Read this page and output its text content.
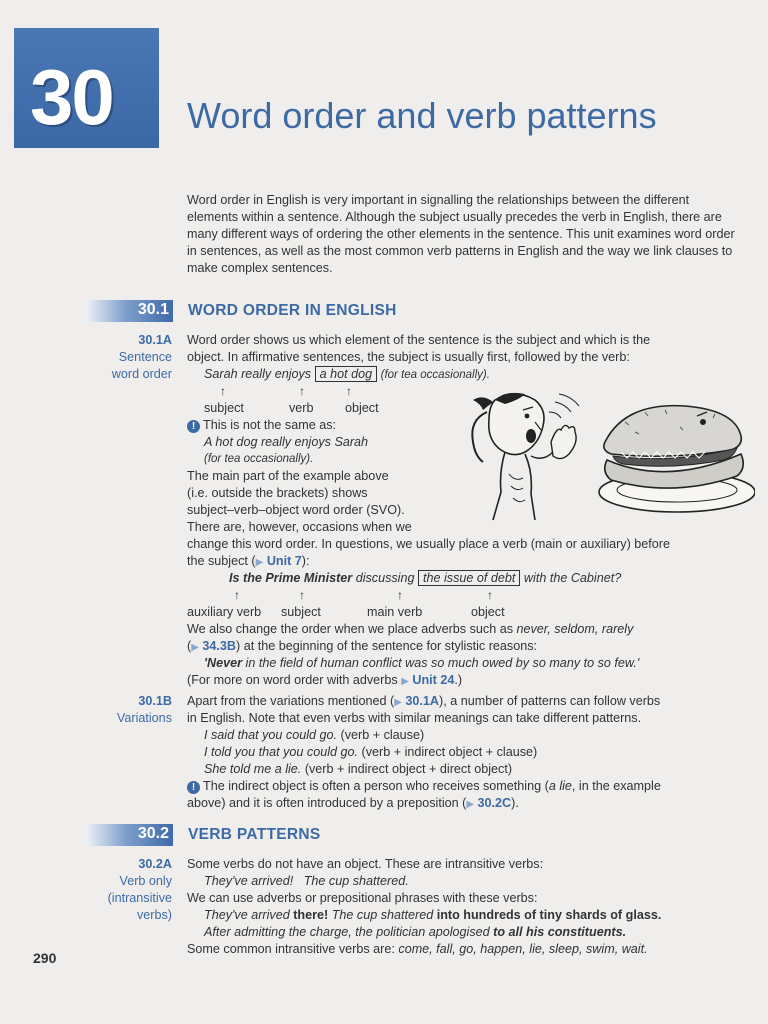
30 Word order and verb patterns
Word order in English is very important in signalling the relationships between the different elements within a sentence. Although the subject usually precedes the verb in English, there are many different ways of ordering the other elements in the sentence. This unit examines word order in sentences, as well as the most common verb patterns in English and the way we link clauses to make complex sentences.
30.1 WORD ORDER IN ENGLISH
30.1A
Sentence
word order
Word order shows us which element of the sentence is the subject and which is the
object. In affirmative sentences, the subject is usually first, followed by the verb:
Sarah really enjoys a hot dog (for tea occasionally).
↑	↑	↑
subject	verb	object
! This is not the same as:
A hot dog really enjoys Sarah
(for tea occasionally).
The main part of the example above
(i.e. outside the brackets) shows
subject–verb–object word order (SVO).
There are, however, occasions when we
change this word order. In questions, we usually place a verb (main or auxiliary) before
the subject (▶ Unit 7):
Is the Prime Minister discussing the issue of debt with the Cabinet?
↑	↑	↑	↑
auxiliary verb subject	main verb	object
We also change the order when we place adverbs such as never, seldom, rarely
(▶ 34.3B) at the beginning of the sentence for stylistic reasons:
'Never in the field of human conflict was so much owed by so many to so few.'
(For more on word order with adverbs ▶ Unit 24.)
30.1B
Variations
Apart from the variations mentioned (▶ 30.1A), a number of patterns can follow verbs
in English. Note that even verbs with similar meanings can take different patterns.
I said that you could go. (verb + clause)
I told you that you could go. (verb + indirect object + clause)
She told me a lie. (verb + indirect object + direct object)
! The indirect object is often a person who receives something (a lie, in the example
above) and it is often introduced by a preposition (▶ 30.2C).
30.2 VERB PATTERNS
30.2A
Verb only
(intransitive
verbs)
Some verbs do not have an object. These are intransitive verbs:
They've arrived!   The cup shattered.
We can use adverbs or prepositional phrases with these verbs:
They've arrived there! The cup shattered into hundreds of tiny shards of glass.
After admitting the charge, the politician apologised to all his constituents.
Some common intransitive verbs are: come, fall, go, happen, lie, sleep, swim, wait.
290
